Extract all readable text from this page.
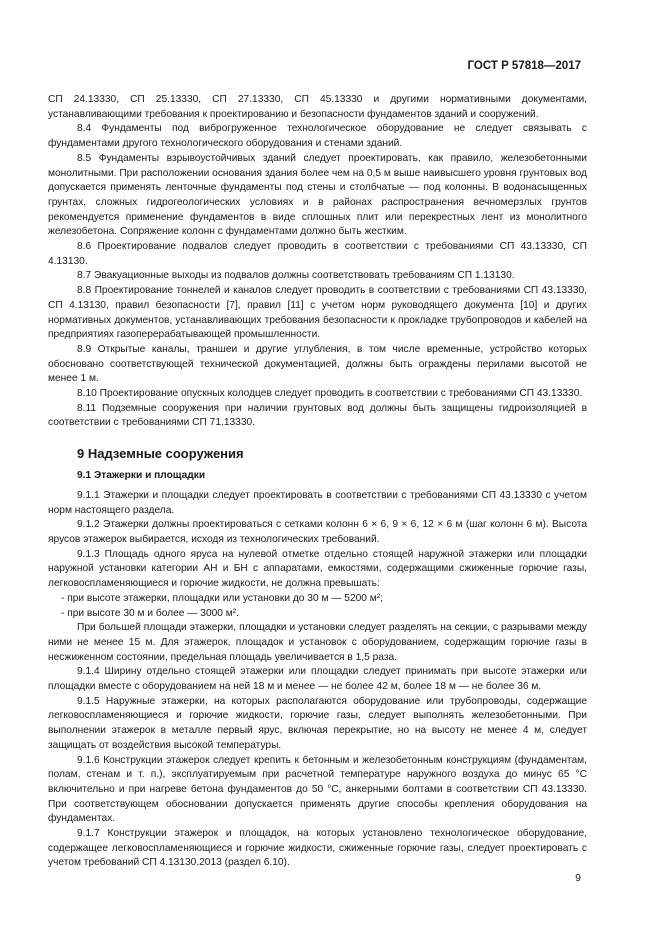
ГОСТ Р 57818—2017

СП 24.13330, СП 25.13330, СП 27.13330, СП 45.13330 и другими нормативными документами, устанавливающими требования к проектированию и безопасности фундаментов зданий и сооружений.

8.4 Фундаменты под виброгруженное технологическое оборудование не следует связывать с фундаментами другого технологического оборудования и стенами зданий.

8.5 Фундаменты взрывоустойчивых зданий следует проектировать, как правило, железобетонными монолитными. При расположении основания здания более чем на 0,5 м выше наивысшего уровня грунтовых вод допускается применять ленточные фундаменты под стены и столбчатые — под колонны. В водонасыщенных грунтах, сложных гидрогеологических условиях и в районах распространения вечномерзлых грунтов рекомендуется применение фундаментов в виде сплошных плит или перекрестных лент из монолитного железобетона. Сопряжение колонн с фундаментами должно быть жестким.

8.6 Проектирование подвалов следует проводить в соответствии с требованиями СП 43.13330, СП 4.13130.

8.7 Эвакуационные выходы из подвалов должны соответствовать требованиям СП 1.13130.

8.8 Проектирование тоннелей и каналов следует проводить в соответствии с требованиями СП 43.13330, СП 4.13130, правил безопасности [7], правил [11] с учетом норм руководящего документа [10] и других нормативных документов, устанавливающих требования безопасности к прокладке трубопроводов и кабелей на предприятиях газоперерабатывающей промышленности.

8.9 Открытые каналы, траншеи и другие углубления, в том числе временные, устройство которых обосновано соответствующей технической документацией, должны быть ограждены перилами высотой не менее 1 м.

8.10 Проектирование опускных колодцев следует проводить в соответствии с требованиями СП 43.13330.

8.11 Подземные сооружения при наличии грунтовых вод должны быть защищены гидроизоляцией в соответствии с требованиями СП 71.13330.

9 Надземные сооружения

9.1 Этажерки и площадки

9.1.1 Этажерки и площадки следует проектировать в соответствии с требованиями СП 43.13330 с учетом норм настоящего раздела.

9.1.2 Этажерки должны проектироваться с сетками колонн 6 × 6, 9 × 6, 12 × 6 м (шаг колонн 6 м). Высота ярусов этажерок выбирается, исходя из технологических требований.

9.1.3 Площадь одного яруса на нулевой отметке отдельно стоящей наружной этажерки или площадки наружной установки категории АН и БН с аппаратами, емкостями, содержащими сжиженные горючие газы, легковоспламеняющиеся и горючие жидкости, не должна превышать:

- при высоте этажерки, площадки или установки до 30 м — 5200 м²;

- при высоте 30 м и более — 3000 м².

При большей площади этажерки, площадки и установки следует разделять на секции, с разрывами между ними не менее 15 м. Для этажерок, площадок и установок с оборудованием, содержащим горючие газы в несжиженном состоянии, предельная площадь увеличивается в 1,5 раза.

9.1.4 Ширину отдельно стоящей этажерки или площадки следует принимать при высоте этажерки или площадки вместе с оборудованием на ней 18 м и менее — не более 42 м, более 18 м — не более 36 м.

9.1.5 Наружные этажерки, на которых располагаются оборудование или трубопроводы, содержащие легковоспламеняющиеся и горючие жидкости, горючие газы, следует выполнять железобетонными. При выполнении этажерок в металле первый ярус, включая перекрытие, но на высоту не менее 4 м, следует защищать от воздействия высокой температуры.

9.1.6 Конструкции этажерок следует крепить к бетонным и железобетонным конструкциям (фундаментам, полам, стенам и т. п.), эксплуатируемым при расчетной температуре наружного воздуха до минус 65 °С включительно и при нагреве бетона фундаментов до 50 °С, анкерными болтами в соответствии СП 43.13330. При соответствующем обосновании допускается применять другие способы крепления оборудования на фундаментах.

9.1.7 Конструкции этажерок и площадок, на которых установлено технологическое оборудование, содержащее легковоспламеняющиеся и горючие жидкости, сжиженные горючие газы, следует проектировать с учетом требований СП 4.13130.2013 (раздел 6.10).

9
